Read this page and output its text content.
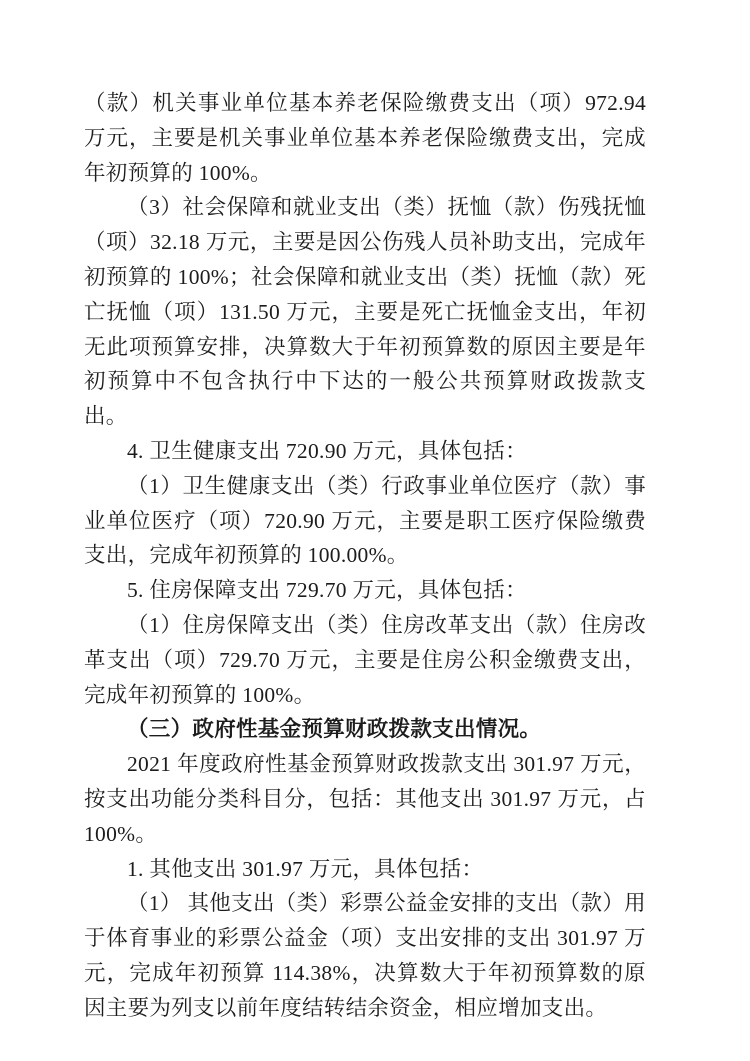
（款）机关事业单位基本养老保险缴费支出（项）972.94 万元，主要是机关事业单位基本养老保险缴费支出，完成年初预算的 100%。

（3）社会保障和就业支出（类）抚恤（款）伤残抚恤（项）32.18 万元，主要是因公伤残人员补助支出，完成年初预算的 100%；社会保障和就业支出（类）抚恤（款）死亡抚恤（项）131.50 万元，主要是死亡抚恤金支出，年初无此项预算安排，决算数大于年初预算数的原因主要是年初预算中不包含执行中下达的一般公共预算财政拨款支出。

4. 卫生健康支出 720.90 万元，具体包括：

（1）卫生健康支出（类）行政事业单位医疗（款）事业单位医疗（项）720.90 万元，主要是职工医疗保险缴费支出，完成年初预算的 100.00%。

5. 住房保障支出 729.70 万元，具体包括：

（1）住房保障支出（类）住房改革支出（款）住房改革支出（项）729.70 万元，主要是住房公积金缴费支出，完成年初预算的 100%。

（三）政府性基金预算财政拨款支出情况。

2021 年度政府性基金预算财政拨款支出 301.97 万元，按支出功能分类科目分，包括：其他支出 301.97 万元，占 100%。

1. 其他支出 301.97 万元，具体包括：

（1） 其他支出（类）彩票公益金安排的支出（款）用于体育事业的彩票公益金（项）支出安排的支出 301.97 万元，完成年初预算 114.38%，决算数大于年初预算数的原因主要为列支以前年度结转结余资金，相应增加支出。
